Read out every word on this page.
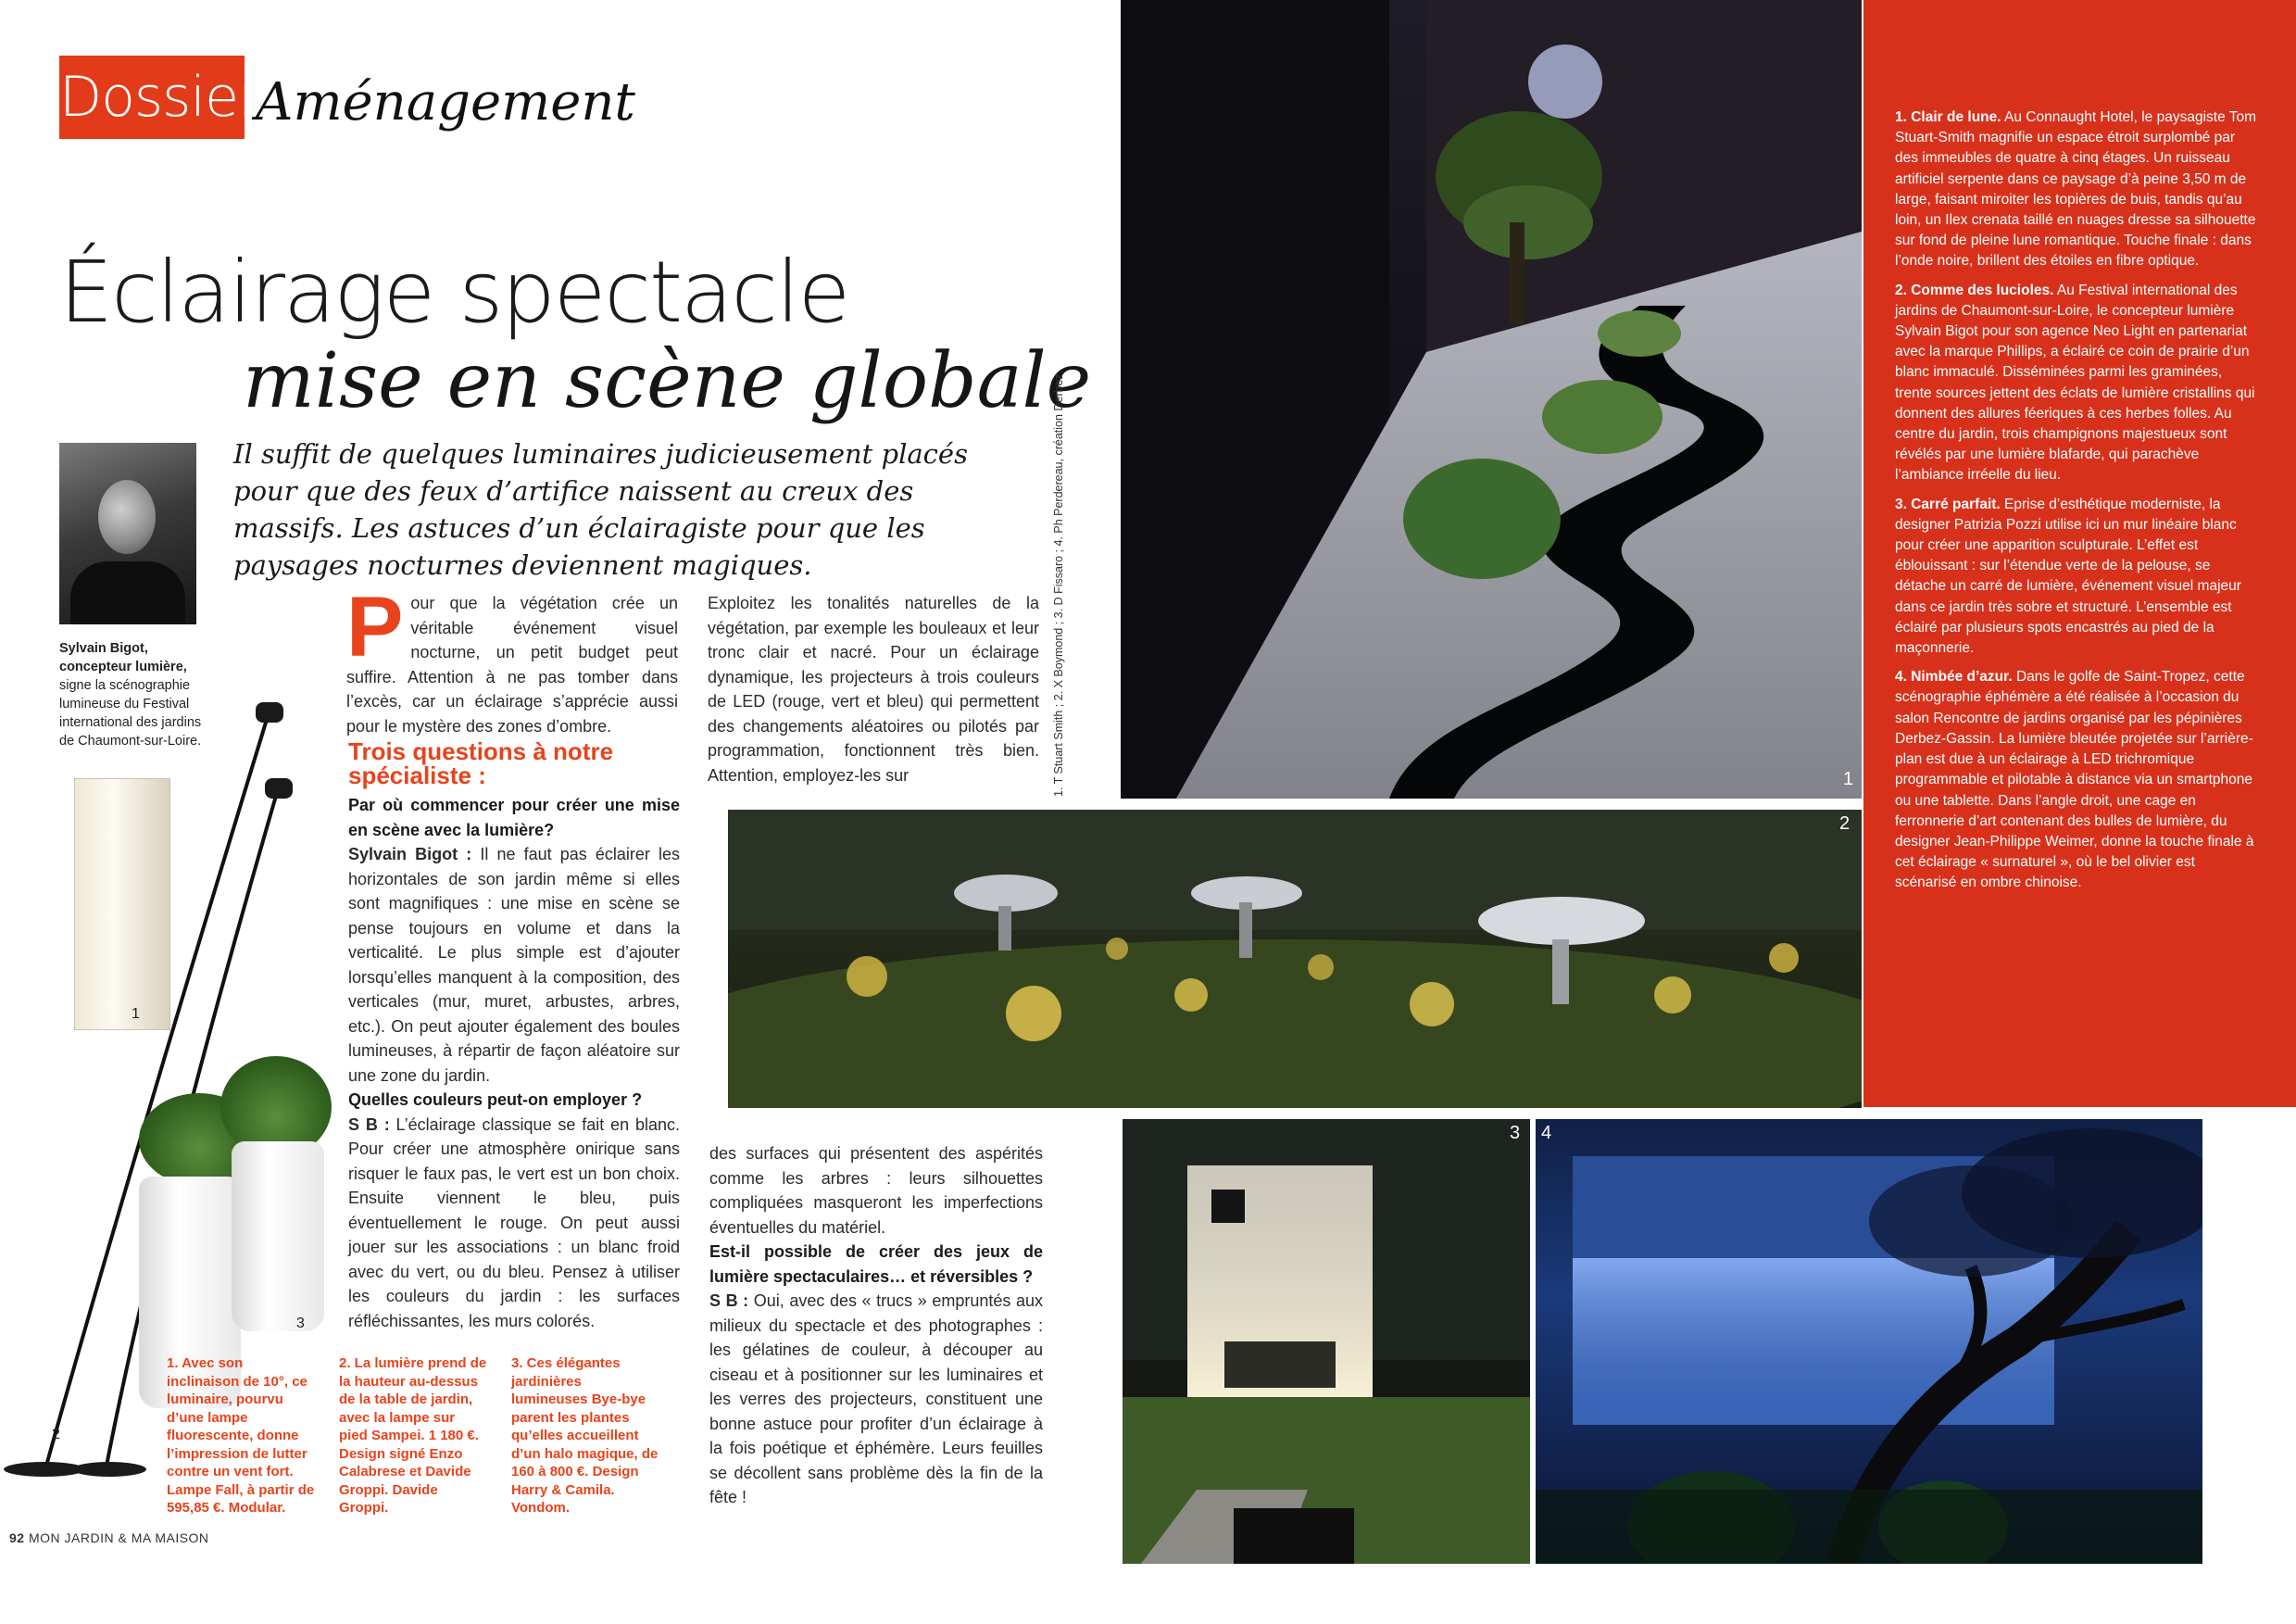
Dossier
Aménagement
Éclairage spectacle
mise en scène globale
Il suffit de quelques luminaires judicieusement placés pour que des feux d’artifice naissent au creux des massifs. Les astuces d’un éclairagiste pour que les paysages nocturnes deviennent magiques.
Sylvain Bigot,
concepteur lumière,
signe la scénographie lumineuse du Festival international des jardins de Chaumont-sur-Loire.
1
2
3
1. Avec son inclinaison de 10°, ce luminaire, pourvu d’une lampe fluorescente, donne l’impression de lutter contre un vent fort. Lampe Fall, à partir de 595,85 €. Modular.
2. La lumière prend de la hauteur au-dessus de la table de jardin, avec la lampe sur pied Sampei. 1 180 €. Design signé Enzo Calabrese et Davide Groppi. Davide Groppi.
3. Ces élégantes jardinières lumineuses Bye-bye parent les plantes qu’elles accueillent d’un halo magique, de 160 à 800 €. Design Harry & Camila. Vondom.
Pour que la végétation crée un véritable événement visuel nocturne, un petit budget peut suffire. Attention à ne pas tomber dans l’excès, car un éclairage s’apprécie aussi pour le mystère des zones d’ombre.
Trois questions à notre spécialiste :
Par où commencer pour créer une mise en scène avec la lumière?
Sylvain Bigot : Il ne faut pas éclairer les horizontales de son jardin même si elles sont magnifiques : une mise en scène se pense toujours en volume et dans la verticalité. Le plus simple est d’ajouter lorsqu’elles manquent à la composition, des verticales (mur, muret, arbustes, arbres, etc.). On peut ajouter également des boules lumineuses, à répartir de façon aléatoire sur une zone du jardin.
Quelles couleurs peut-on employer ?
S B : L’éclairage classique se fait en blanc. Pour créer une atmosphère onirique sans risquer le faux pas, le vert est un bon choix. Ensuite viennent le bleu, puis éventuellement le rouge. On peut aussi jouer sur les associations : un blanc froid avec du vert, ou du bleu. Pensez à utiliser les couleurs du jardin : les surfaces réfléchissantes, les murs colorés.
Exploitez les tonalités naturelles de la végétation, par exemple les bouleaux et leur tronc clair et nacré. Pour un éclairage dynamique, les projecteurs à trois couleurs de LED (rouge, vert et bleu) qui permettent des changements aléatoires ou pilotés par programmation, fonctionnent très bien. Attention, employez-les sur
des surfaces qui présentent des aspérités comme les arbres : leurs silhouettes compliquées masqueront les imperfections éventuelles du matériel.
Est-il possible de créer des jeux de lumière spectaculaires… et réversibles ?
S B : Oui, avec des « trucs » empruntés aux milieux du spectacle et des photographes : les gélatines de couleur, à découper au ciseau et à positionner sur les luminaires et les verres des projecteurs, constituent une bonne astuce pour profiter d’un éclairage à la fois poétique et éphémère. Leurs feuilles se décollent sans problème dès la fin de la fête !
1. T Stuart Smith ; 2. X Boymond ; 3. D Fissaro ; 4. Ph Perdereau, création Derbez.
92 MON JARDIN & MA MAISON
1
2

1. Clair de lune. Au Connaught Hotel, le paysagiste Tom Stuart-Smith magnifie un espace étroit surplombé par des immeubles de quatre à cinq étages. Un ruisseau artificiel serpente dans ce paysage d’à peine 3,50 m de large, faisant miroiter les topières de buis, tandis qu’au loin, un Ilex crenata taillé en nuages dresse sa silhouette sur fond de pleine lune romantique. Touche finale : dans l’onde noire, brillent des étoiles en fibre optique.

2. Comme des lucioles. Au Festival international des jardins de Chaumont-sur-Loire, le concepteur lumière Sylvain Bigot pour son agence Neo Light en partenariat avec la marque Phillips, a éclairé ce coin de prairie d’un blanc immaculé. Disséminées parmi les graminées, trente sources jettent des éclats de lumière cristallins qui donnent des allures féeriques à ces herbes folles. Au centre du jardin, trois champignons majestueux sont révélés par une lumière blafarde, qui parachève l’ambiance irréelle du lieu.

3. Carré parfait. Eprise d’esthétique moderniste, la designer Patrizia Pozzi utilise ici un mur linéaire blanc pour créer une apparition sculpturale. L’effet est éblouissant : sur l’étendue verte de la pelouse, se détache un carré de lumière, événement visuel majeur dans ce jardin très sobre et structuré. L’ensemble est éclairé par plusieurs spots encastrés au pied de la maçonnerie.

4. Nimbée d’azur. Dans le golfe de Saint-Tropez, cette scénographie éphémère a été réalisée à l’occasion du salon Rencontre de jardins organisé par les pépinières Derbez-Gassin. La lumière bleutée projetée sur l’arrière-plan est due à un éclairage à LED trichromique programmable et pilotable à distance via un smartphone ou une tablette. Dans l’angle droit, une cage en ferronnerie d’art contenant des bulles de lumière, du designer Jean-Philippe Weimer, donne la touche finale à cet éclairage « surnaturel », où le bel olivier est scénarisé en ombre chinoise.

3 4
